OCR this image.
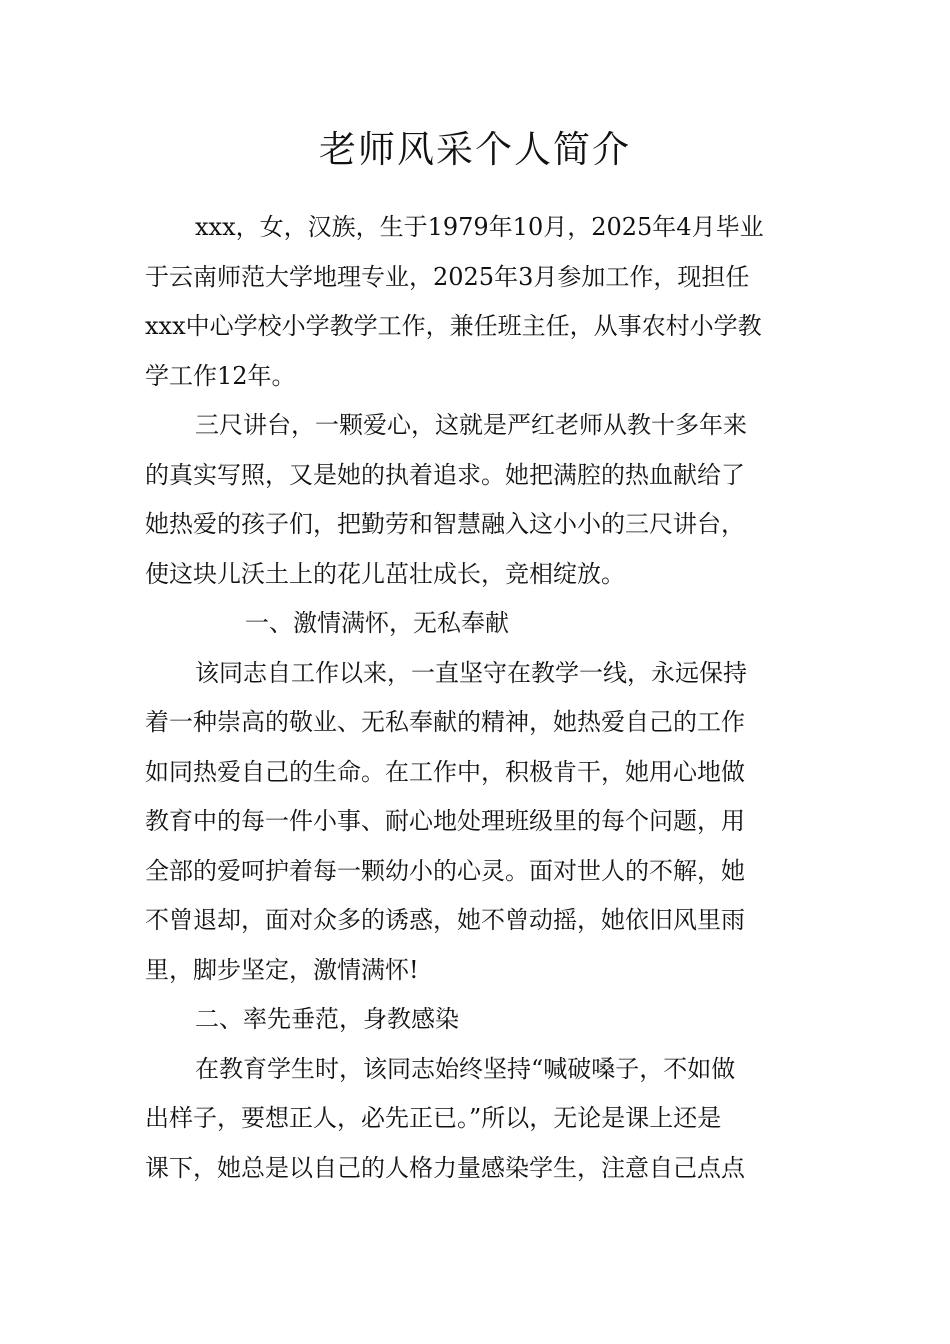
老师风采个人简介
xxx，女，汉族，生于1979年10月，2025年4月毕业
于云南师范大学地理专业，2025年3月参加工作，现担任
xxx中心学校小学教学工作，兼任班主任，从事农村小学教
学工作12年。
三尺讲台，一颗爱心，这就是严红老师从教十多年来
的真实写照，又是她的执着追求。她把满腔的热血献给了
她热爱的孩子们，把勤劳和智慧融入这小小的三尺讲台，
使这块儿沃土上的花儿茁壮成长，竞相绽放。
一、激情满怀，无私奉献
该同志自工作以来，一直坚守在教学一线，永远保持
着一种崇高的敬业、无私奉献的精神，她热爱自己的工作
如同热爱自己的生命。在工作中，积极肯干，她用心地做
教育中的每一件小事、耐心地处理班级里的每个问题，用
全部的爱呵护着每一颗幼小的心灵。面对世人的不解，她
不曾退却，面对众多的诱惑，她不曾动摇，她依旧风里雨
里，脚步坚定，激情满怀!
二、率先垂范，身教感染
在教育学生时，该同志始终坚持“喊破嗓子，不如做
出样子，要想正人，必先正已。”所以，无论是课上还是
课下，她总是以自己的人格力量感染学生，注意自己点点
